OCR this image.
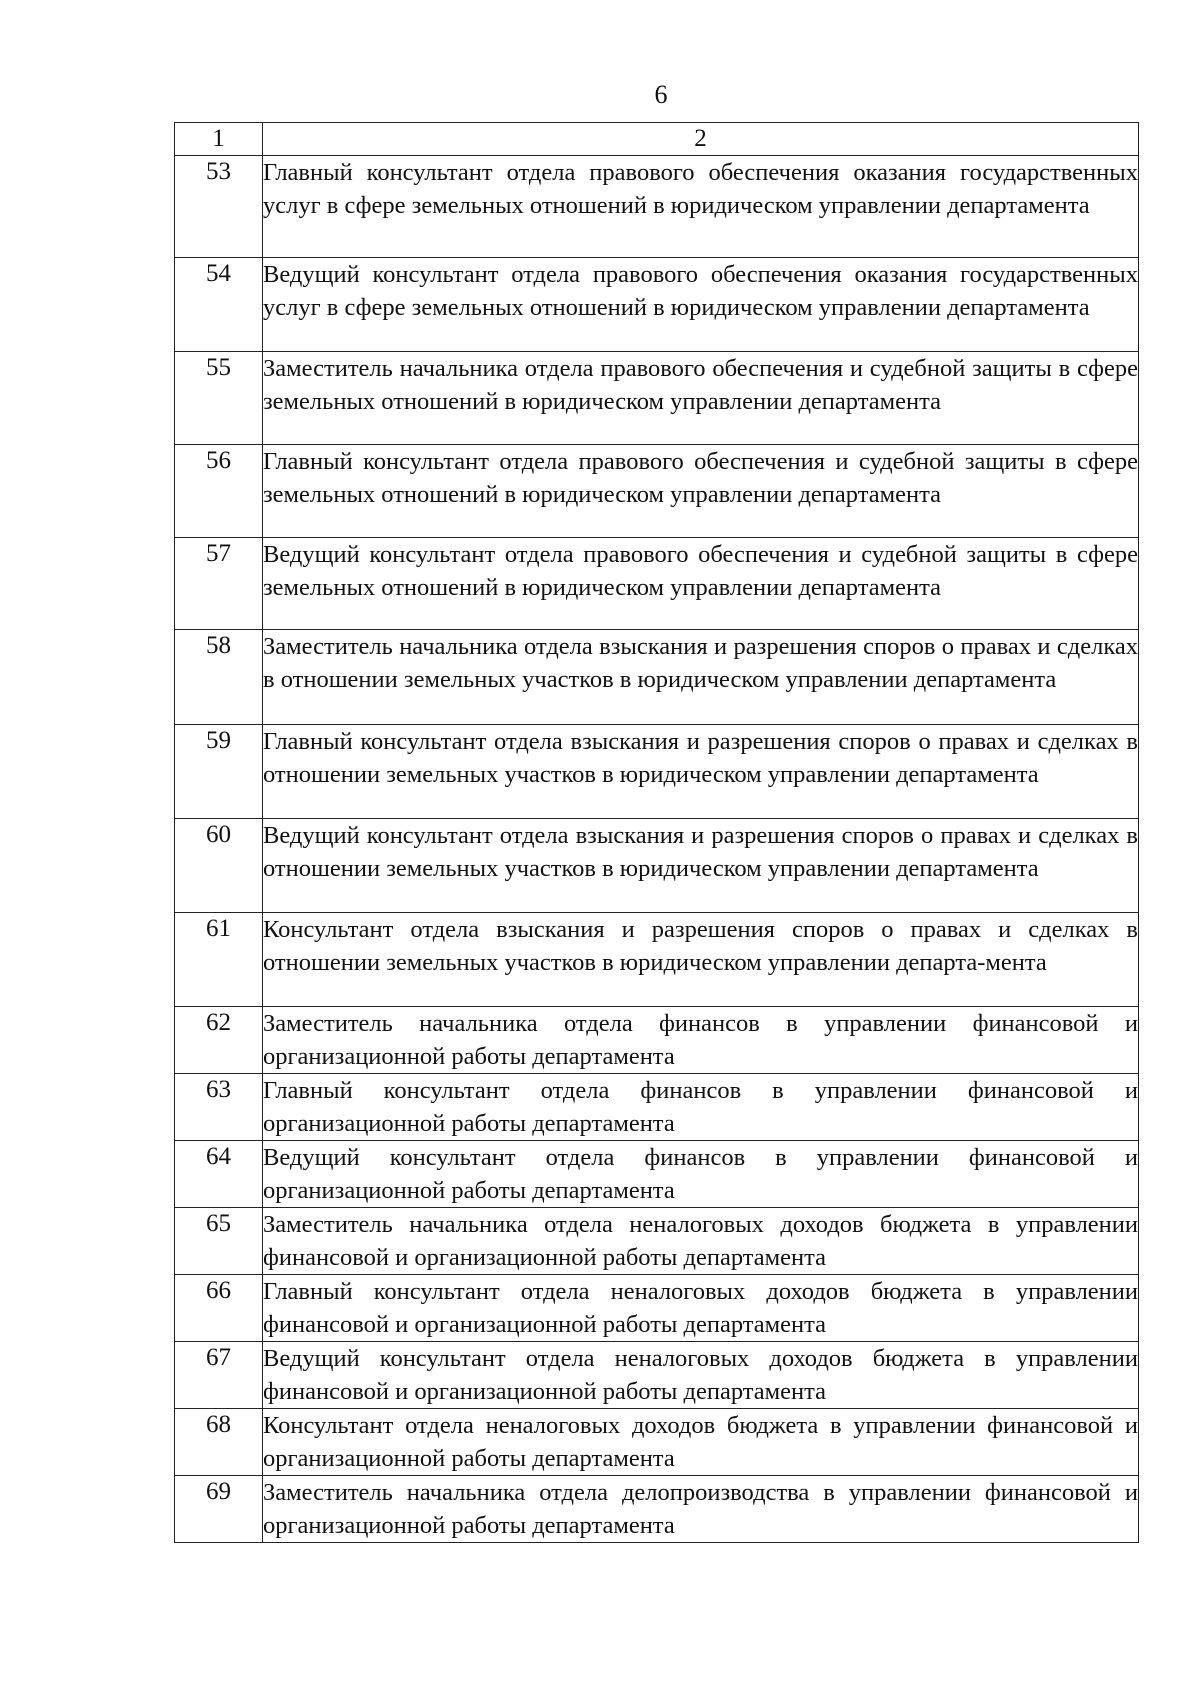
6
1	2
53	Главный консультант отдела правового обеспечения оказания государственных услуг в сфере земельных отношений в юридическом управлении департамента
54	Ведущий консультант отдела правового обеспечения оказания государственных услуг в сфере земельных отношений в юридическом управлении департамента
55	Заместитель начальника отдела правового обеспечения и судебной защиты в сфере земельных отношений в юридическом управлении департамента
56	Главный консультант отдела правового обеспечения и судебной защиты в сфере земельных отношений в юридическом управлении департамента
57	Ведущий консультант отдела правового обеспечения и судебной защиты в сфере земельных отношений в юридическом управлении департамента
58	Заместитель начальника отдела взыскания и разрешения споров о правах и сделках в отношении земельных участков в юридическом управлении департамента
59	Главный консультант отдела взыскания и разрешения споров о правах и сделках в отношении земельных участков в юридическом управлении департамента
60	Ведущий консультант отдела взыскания и разрешения споров о правах и сделках в отношении земельных участков в юридическом управлении департамента
61	Консультант отдела взыскания и разрешения споров о правах и сделках в отношении земельных участков в юридическом управлении департа-мента
62	Заместитель начальника отдела финансов в управлении финансовой и организационной работы департамента
63	Главный консультант отдела финансов в управлении финансовой и организационной работы департамента
64	Ведущий консультант отдела финансов в управлении финансовой и организационной работы департамента
65	Заместитель начальника отдела неналоговых доходов бюджета в управлении финансовой и организационной работы департамента
66	Главный консультант отдела неналоговых доходов бюджета в управлении финансовой и организационной работы департамента
67	Ведущий консультант отдела неналоговых доходов бюджета в управлении финансовой и организационной работы департамента
68	Консультант отдела неналоговых доходов бюджета в управлении финансовой и организационной работы департамента
69	Заместитель начальника отдела делопроизводства в управлении финансовой и организационной работы департамента
